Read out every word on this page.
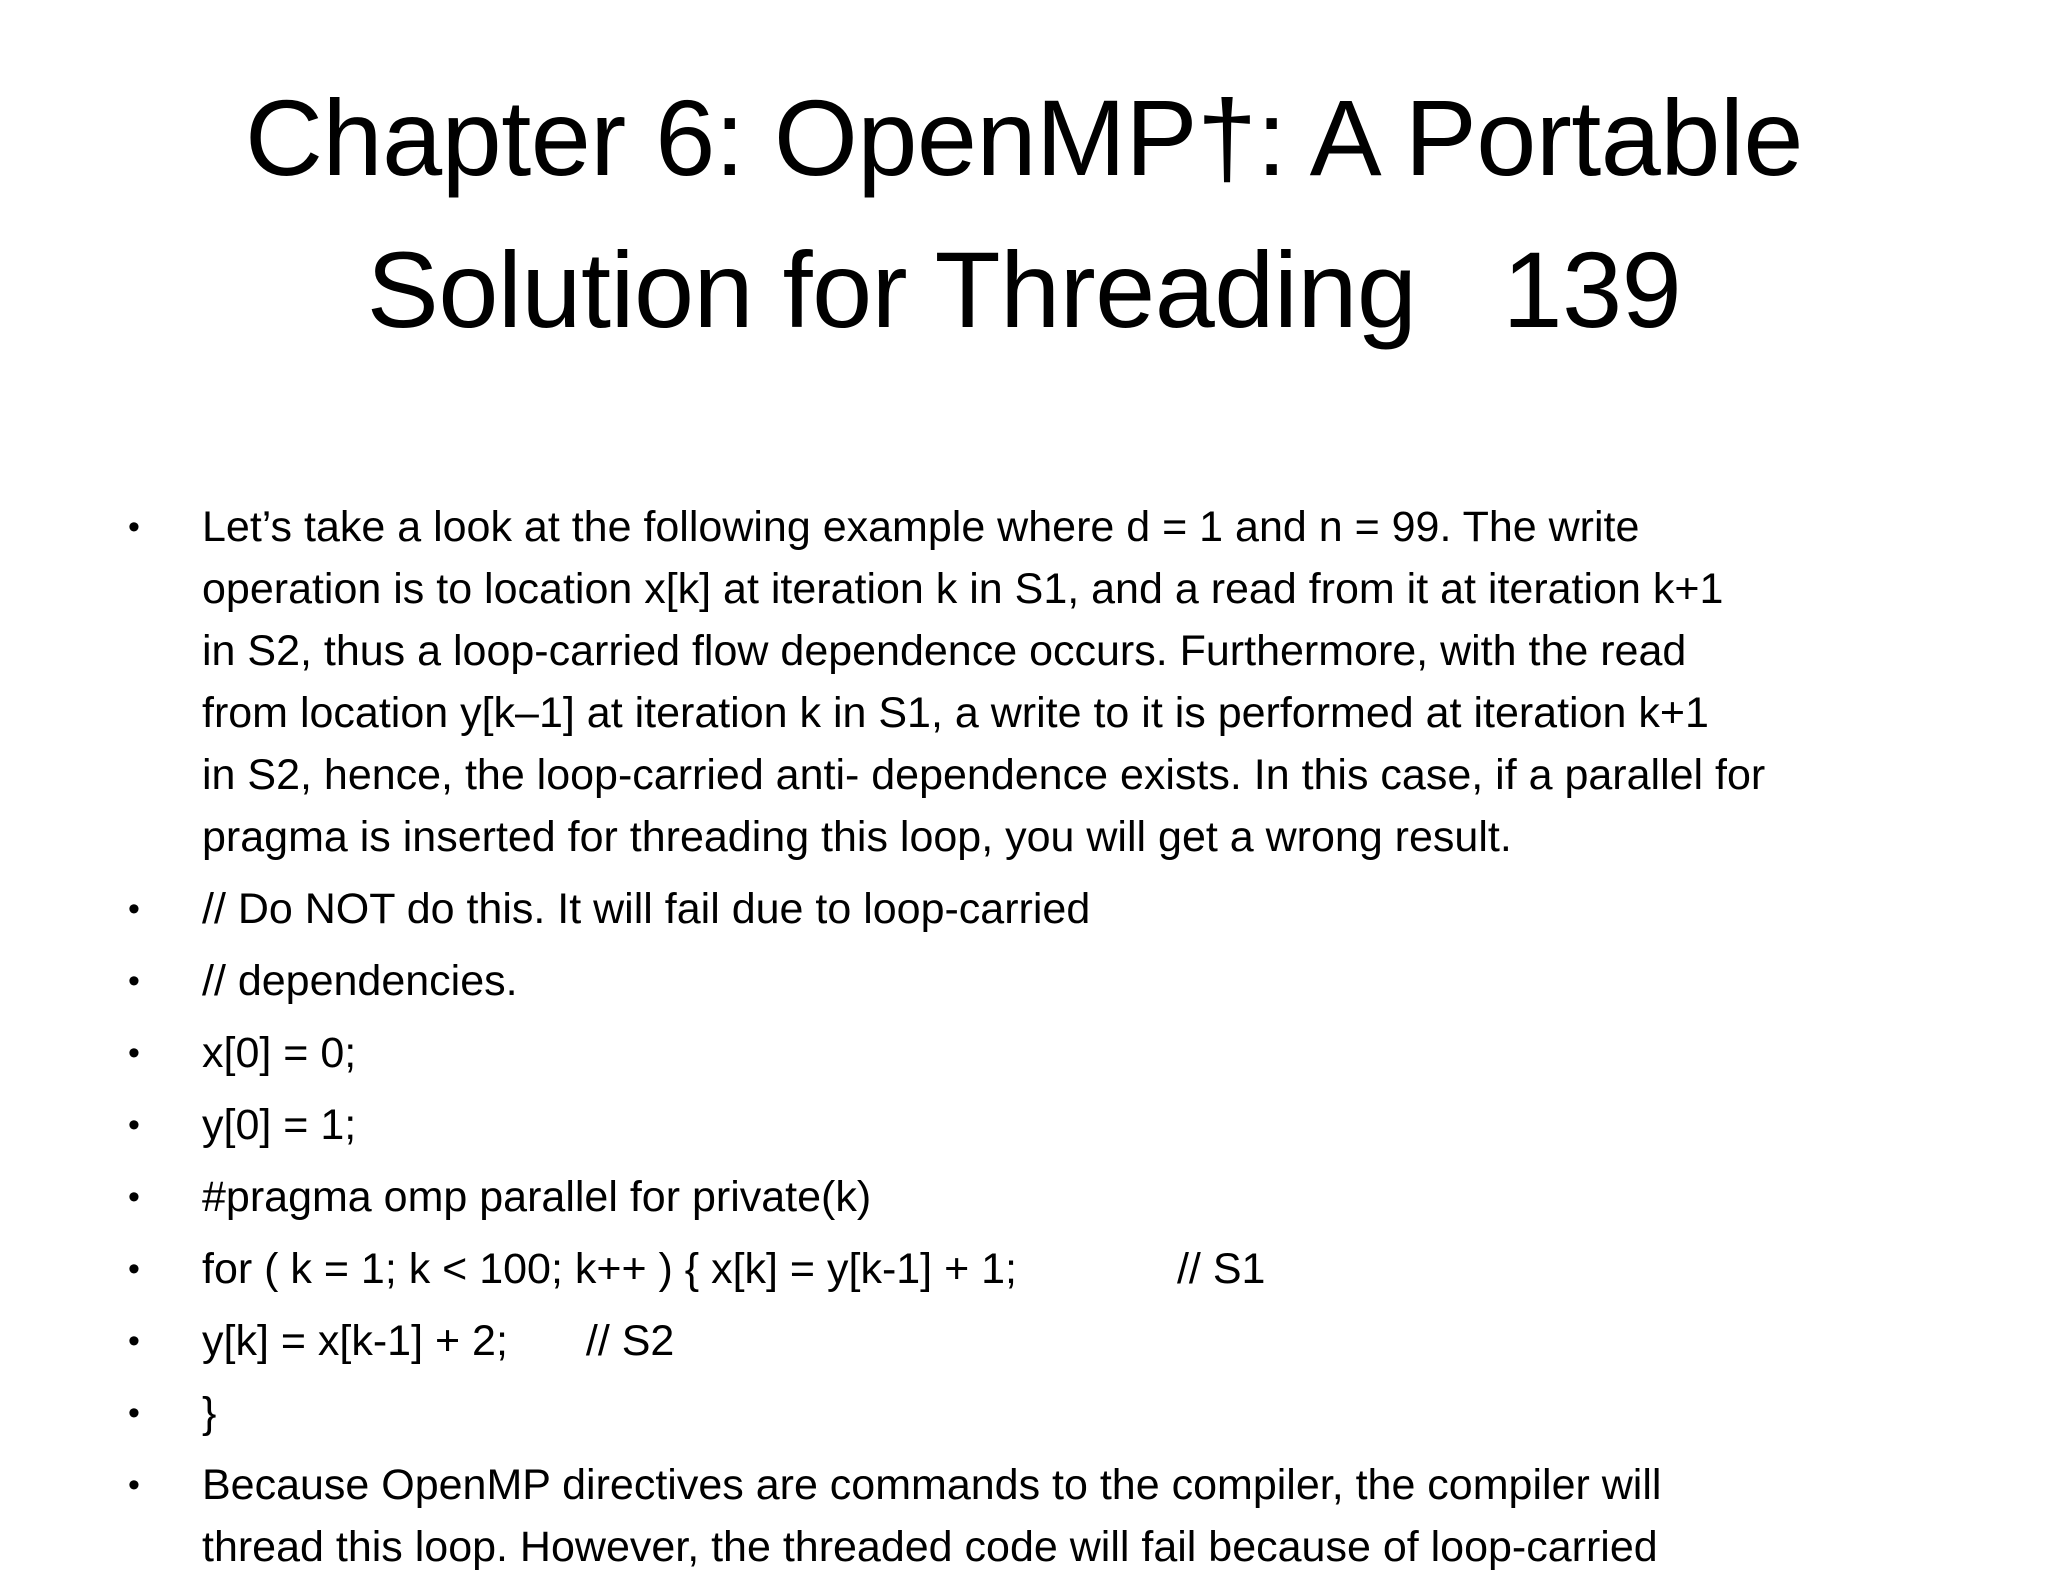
Chapter 6: OpenMP†: A Portable
Solution for Threading 139
• Let’s take a look at the following example where d = 1 and n = 99. The write
operation is to location x[k] at iteration k in S1, and a read from it at iteration k+1
in S2, thus a loop-carried flow dependence occurs. Furthermore, with the read
from location y[k–1] at iteration k in S1, a write to it is performed at iteration k+1
in S2, hence, the loop-carried anti- dependence exists. In this case, if a parallel for
pragma is inserted for threading this loop, you will get a wrong result.
• // Do NOT do this. It will fail due to loop-carried
• // dependencies.
• x[0] = 0;
• y[0] = 1;
• #pragma omp parallel for private(k)
• for ( k = 1; k < 100; k++ ) { x[k] = y[k-1] + 1;	// S1
• y[k] = x[k-1] + 2; // S2
• }
• Because OpenMP directives are commands to the compiler, the compiler will
thread this loop. However, the threaded code will fail because of loop-carried
